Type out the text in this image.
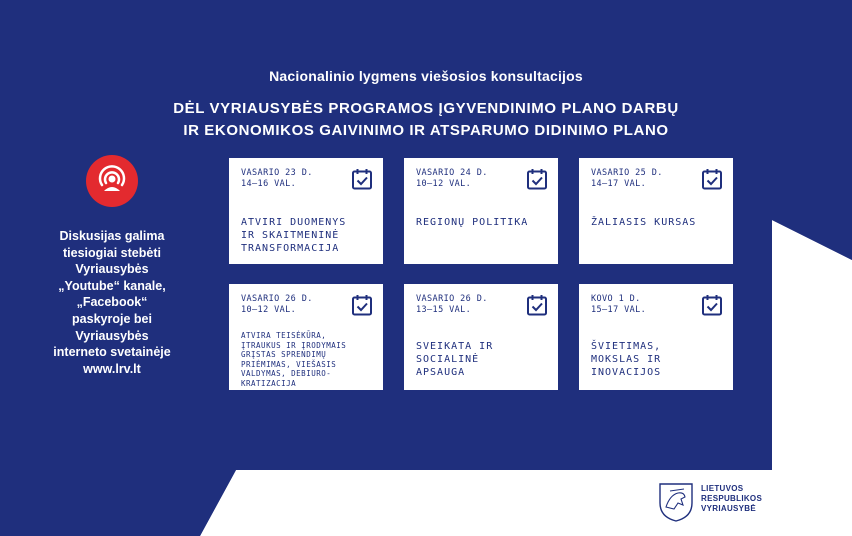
Nacionalinio lygmens viešosios konsultacijos
DĖL VYRIAUSYBĖS PROGRAMOS ĮGYVENDINIMO PLANO DARBŲ
IR EKONOMIKOS GAIVINIMO IR ATSPARUMO DIDINIMO PLANO
Diskusijas galima
tiesiogiai stebėti
Vyriausybės
„Youtube“ kanale,
„Facebook“
paskyroje bei
Vyriausybės
interneto svetainėje
www.lrv.lt
VASARIO 23 D.
14–16 VAL.
ATVIRI DUOMENYS
IR SKAITMENINĖ
TRANSFORMACIJA
VASARIO 24 D.
10–12 VAL.
REGIONŲ POLITIKA
VASARIO 25 D.
14–17 VAL.
ŽALIASIS KURSAS
VASARIO 26 D.
10–12 VAL.
ATVIRA TEISĖKŪRA,
ĮTRAUKUS IR ĮRODYMAIS
GRĮSTAS SPRENDIMŲ
PRIĖMIMAS, VIEŠASIS
VALDYMAS, DEBIURO-
KRATIZACIJA
VASARIO 26 D.
13–15 VAL.
SVEIKATA IR
SOCIALINĖ
APSAUGA
KOVO 1 D.
15–17 VAL.
ŠVIETIMAS,
MOKSLAS IR
INOVACIJOS
LIETUVOS
RESPUBLIKOS
VYRIAUSYBĖ
